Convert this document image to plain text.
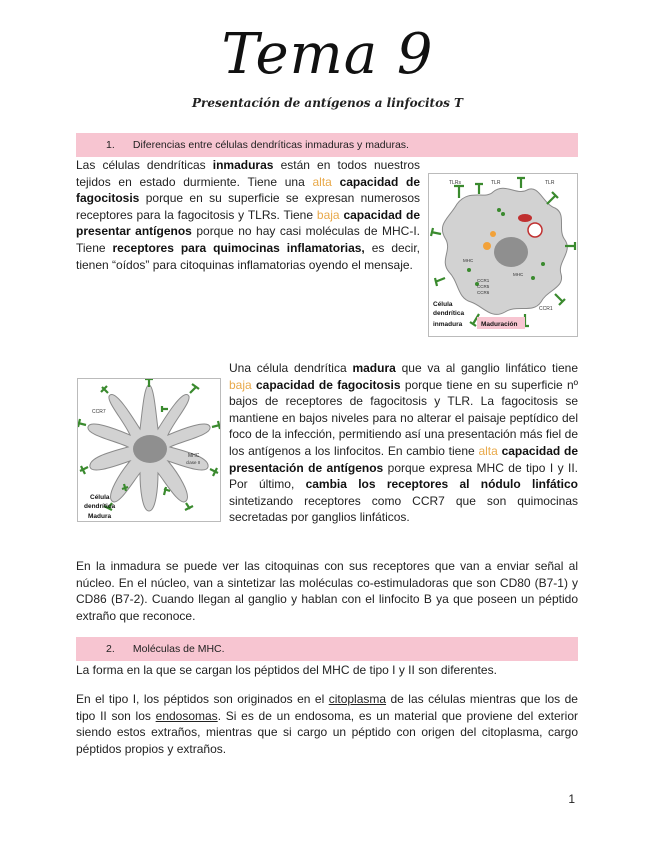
Tema 9
Presentación de antígenos a linfocitos T
1. Diferencias entre células dendríticas inmaduras y maduras.

Las células dendríticas inmaduras están en todos nuestros tejidos en estado durmiente. Tiene una alta capacidad de fagocitosis porque en su superficie se expresan numerosos receptores para la fagocitosis y TLRs. Tiene baja capacidad de presentar antígenos porque no hay casi moléculas de MHC-I. Tiene receptores para quimocinas inflamatorias, es decir, tienen “oídos” para citoquinas inflamatorias oyendo el mensaje.

TLRs	TLR
MHC
MHC
CCR1
CCR5
CCR6
TLR
CCR1
Célula
dendrítica
inmadura	Maduración
CCR7
MHC
clase II
Célula
dendrítica
Madura

Una célula dendrítica madura que va al ganglio linfático tiene baja capacidad de fagocitosis porque tiene en su superficie nº bajos de receptores de fagocitosis y TLR. La fagocitosis se mantiene en bajos niveles para no alterar el paisaje peptídico del foco de la infección, permitiendo así una presentación más fiel de los antígenos a los linfocitos. En cambio tiene alta capacidad de presentación de antígenos porque expresa MHC de tipo I y II. Por último, cambia los receptores al nódulo linfático sintetizando receptores como CCR7 que son quimocinas secretadas por ganglios linfáticos.

En la inmadura se puede ver las citoquinas con sus receptores que van a enviar señal al núcleo. En el núcleo, van a sintetizar las moléculas co-estimuladoras que son CD80 (B7-1) y CD86 (B7-2). Cuando llegan al ganglio y hablan con el linfocito B ya que poseen un péptido extraño que reconoce.

2. Moléculas de MHC.

La forma en la que se cargan los péptidos del MHC de tipo I y II son diferentes.

En el tipo I, los péptidos son originados en el citoplasma de las células mientras que los de tipo II son los endosomas. Si es de un endosoma, es un material que proviene del exterior siendo estos extraños, mientras que si cargo un péptido con origen del citoplasma, cargo péptidos propios y extraños.

1
